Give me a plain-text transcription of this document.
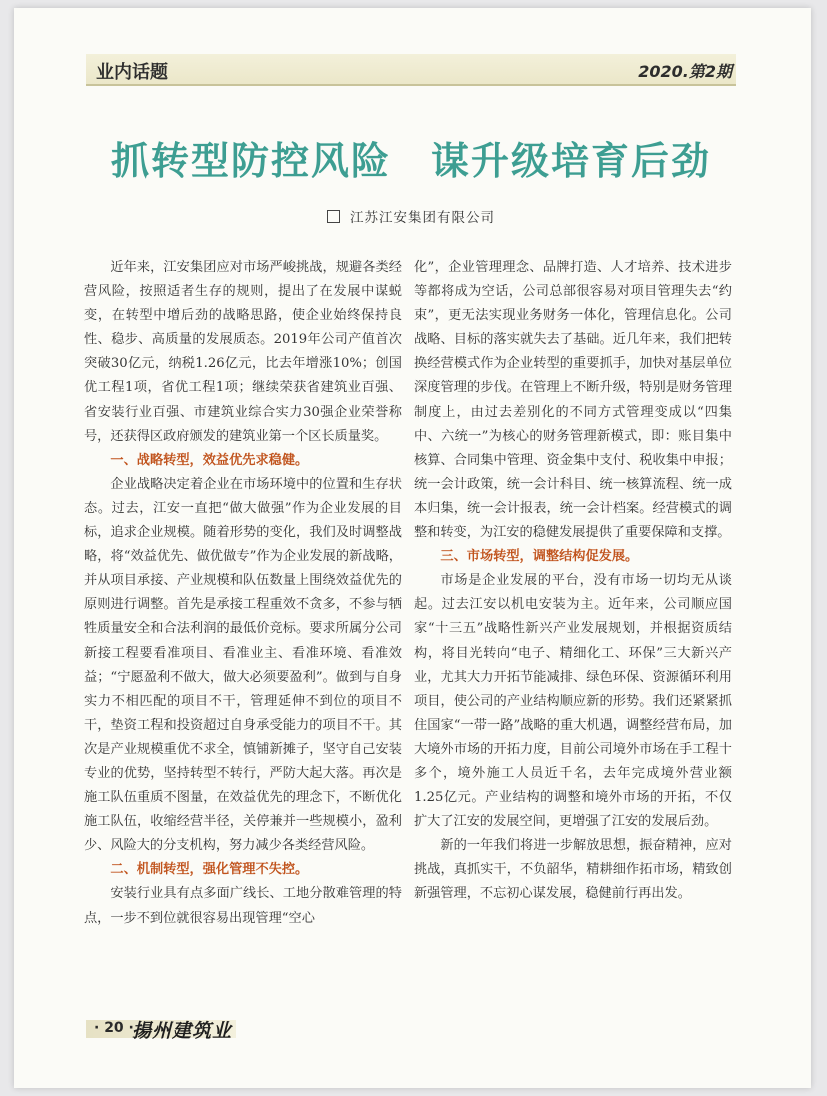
业内话题	2020.第2期
抓转型防控风险　谋升级培育后劲
江苏江安集团有限公司

近年来，江安集团应对市场严峻挑战，规避各类经营风险，按照适者生存的规则，提出了在发展中谋蜕变，在转型中增后劲的战略思路，使企业始终保持良性、稳步、高质量的发展质态。2019年公司产值首次突破30亿元，纳税1.26亿元，比去年增涨10%；创国优工程1项，省优工程1项；继续荣获省建筑业百强、省安装行业百强、市建筑业综合实力30强企业荣誉称号，还获得区政府颁发的建筑业第一个区长质量奖。

一、战略转型，效益优先求稳健。

企业战略决定着企业在市场环境中的位置和生存状态。过去，江安一直把“做大做强”作为企业发展的目标，追求企业规模。随着形势的变化，我们及时调整战略，将“效益优先、做优做专”作为企业发展的新战略，并从项目承接、产业规模和队伍数量上围绕效益优先的原则进行调整。首先是承接工程重效不贪多，不参与牺牲质量安全和合法利润的最低价竞标。要求所属分公司新接工程要看准项目、看准业主、看准环境、看准效益；“宁愿盈利不做大，做大必须要盈利”。做到与自身实力不相匹配的项目不干，管理延伸不到位的项目不干，垫资工程和投资超过自身承受能力的项目不干。其次是产业规模重优不求全，慎铺新摊子，坚守自己安装专业的优势，坚持转型不转行，严防大起大落。再次是施工队伍重质不图量，在效益优先的理念下，不断优化施工队伍，收缩经营半径，关停兼并一些规模小，盈利少、风险大的分支机构，努力减少各类经营风险。

二、机制转型，强化管理不失控。

安装行业具有点多面广线长、工地分散难管理的特点，一步不到位就很容易出现管理“空心

化”，企业管理理念、品牌打造、人才培养、技术进步等都将成为空话，公司总部很容易对项目管理失去“约束”，更无法实现业务财务一体化，管理信息化。公司战略、目标的落实就失去了基础。近几年来，我们把转换经营模式作为企业转型的重要抓手，加快对基层单位深度管理的步伐。在管理上不断升级，特别是财务管理制度上，由过去差别化的不同方式管理变成以“四集中、六统一”为核心的财务管理新模式，即：账目集中核算、合同集中管理、资金集中支付、税收集中申报；统一会计政策，统一会计科目、统一核算流程、统一成本归集，统一会计报表，统一会计档案。经营模式的调整和转变，为江安的稳健发展提供了重要保障和支撑。

三、市场转型，调整结构促发展。

市场是企业发展的平台，没有市场一切均无从谈起。过去江安以机电安装为主。近年来，公司顺应国家“十三五”战略性新兴产业发展规划，并根据资质结构，将目光转向“电子、精细化工、环保”三大新兴产业，尤其大力开拓节能减排、绿色环保、资源循环利用项目，使公司的产业结构顺应新的形势。我们还紧紧抓住国家“一带一路”战略的重大机遇，调整经营布局，加大境外市场的开拓力度，目前公司境外市场在手工程十多个，境外施工人员近千名，去年完成境外营业额1.25亿元。产业结构的调整和境外市场的开拓，不仅扩大了江安的发展空间，更增强了江安的发展后劲。

新的一年我们将进一步解放思想，振奋精神，应对挑战，真抓实干，不负韶华，精耕细作拓市场，精致创新强管理，不忘初心谋发展，稳健前行再出发。

· 20 ·
揚州建筑业
